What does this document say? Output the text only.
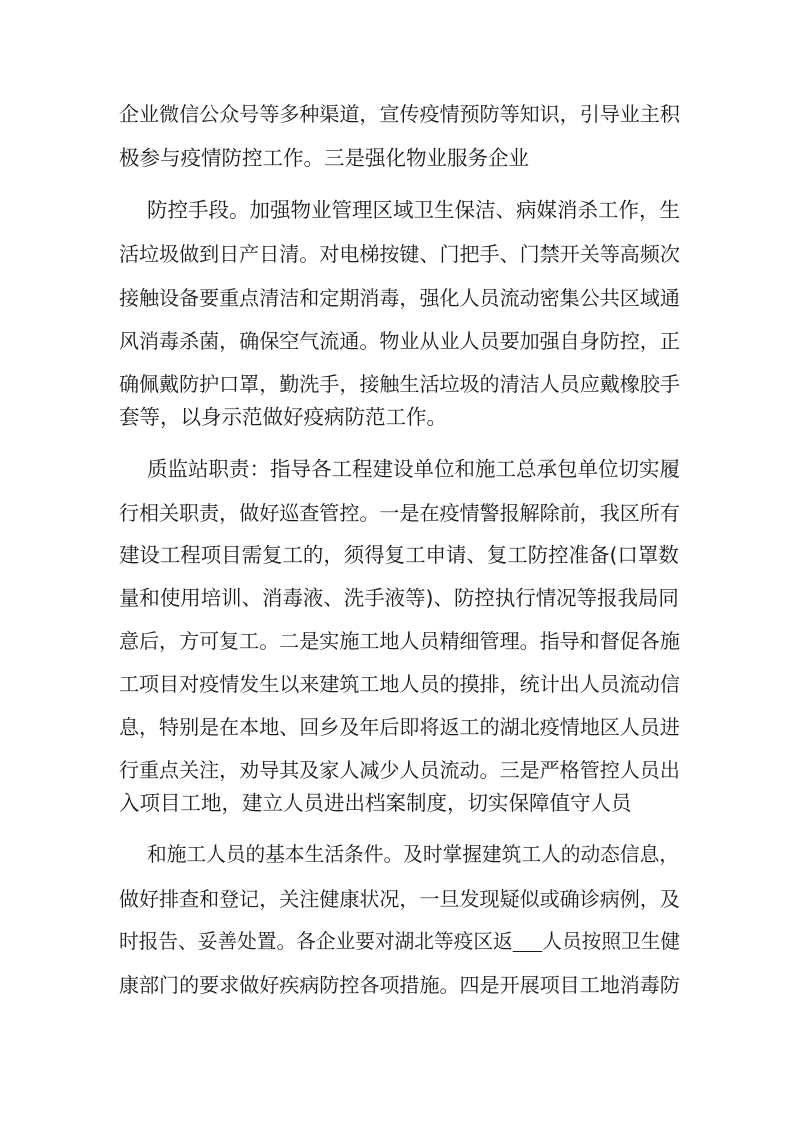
企业微信公众号等多种渠道，宣传疫情预防等知识，引导业主积
极参与疫情防控工作。三是强化物业服务企业
防控手段。加强物业管理区域卫生保洁、病媒消杀工作，生
活垃圾做到日产日清。对电梯按键、门把手、门禁开关等高频次
接触设备要重点清洁和定期消毒，强化人员流动密集公共区域通
风消毒杀菌，确保空气流通。物业从业人员要加强自身防控，正
确佩戴防护口罩，勤洗手，接触生活垃圾的清洁人员应戴橡胶手
套等，以身示范做好疫病防范工作。
质监站职责：指导各工程建设单位和施工总承包单位切实履
行相关职责，做好巡查管控。一是在疫情警报解除前，我区所有
建设工程项目需复工的，须得复工申请、复工防控准备(口罩数
量和使用培训、消毒液、洗手液等)、防控执行情况等报我局同
意后，方可复工。二是实施工地人员精细管理。指导和督促各施
工项目对疫情发生以来建筑工地人员的摸排，统计出人员流动信
息，特别是在本地、回乡及年后即将返工的湖北疫情地区人员进
行重点关注，劝导其及家人减少人员流动。三是严格管控人员出
入项目工地，建立人员进出档案制度，切实保障值守人员
和施工人员的基本生活条件。及时掌握建筑工人的动态信息，
做好排查和登记，关注健康状况，一旦发现疑似或确诊病例，及
时报告、妥善处置。各企业要对湖北等疫区返    人员按照卫生健
康部门的要求做好疾病防控各项措施。四是开展项目工地消毒防
